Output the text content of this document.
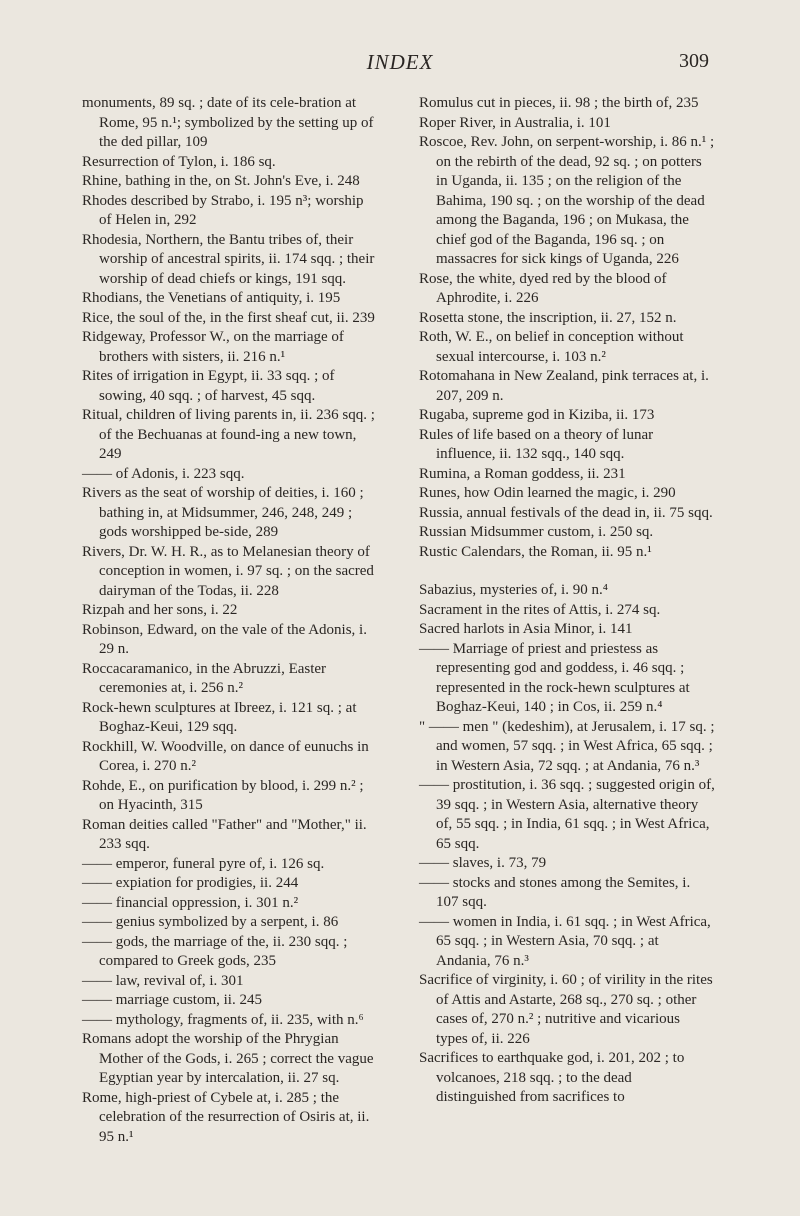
INDEX	309

monuments, 89 sq. ; date of its cele-bration at Rome, 95 n.¹; symbolized by the setting up of the ded pillar, 109

Resurrection of Tylon, i. 186 sq.

Rhine, bathing in the, on St. John's Eve, i. 248

Rhodes described by Strabo, i. 195 n³; worship of Helen in, 292

Rhodesia, Northern, the Bantu tribes of, their worship of ancestral spirits, ii. 174 sqq. ; their worship of dead chiefs or kings, 191 sqq.

Rhodians, the Venetians of antiquity, i. 195

Rice, the soul of the, in the first sheaf cut, ii. 239

Ridgeway, Professor W., on the marriage of brothers with sisters, ii. 216 n.¹

Rites of irrigation in Egypt, ii. 33 sqq. ; of sowing, 40 sqq. ; of harvest, 45 sqq.

Ritual, children of living parents in, ii. 236 sqq. ; of the Bechuanas at found-ing a new town, 249

—— of Adonis, i. 223 sqq.

Rivers as the seat of worship of deities, i. 160 ; bathing in, at Midsummer, 246, 248, 249 ; gods worshipped be-side, 289

Rivers, Dr. W. H. R., as to Melanesian theory of conception in women, i. 97 sq. ; on the sacred dairyman of the Todas, ii. 228

Rizpah and her sons, i. 22

Robinson, Edward, on the vale of the Adonis, i. 29 n.

Roccacaramanico, in the Abruzzi, Easter ceremonies at, i. 256 n.²

Rock-hewn sculptures at Ibreez, i. 121 sq. ; at Boghaz-Keui, 129 sqq.

Rockhill, W. Woodville, on dance of eunuchs in Corea, i. 270 n.²

Rohde, E., on purification by blood, i. 299 n.² ; on Hyacinth, 315

Roman deities called "Father" and "Mother," ii. 233 sqq.

—— emperor, funeral pyre of, i. 126 sq.

—— expiation for prodigies, ii. 244

—— financial oppression, i. 301 n.²

—— genius symbolized by a serpent, i. 86

—— gods, the marriage of the, ii. 230 sqq. ; compared to Greek gods, 235

—— law, revival of, i. 301

—— marriage custom, ii. 245

—— mythology, fragments of, ii. 235, with n.⁶

Romans adopt the worship of the Phrygian Mother of the Gods, i. 265 ; correct the vague Egyptian year by intercalation, ii. 27 sq.

Rome, high-priest of Cybele at, i. 285 ; the celebration of the resurrection of Osiris at, ii. 95 n.¹

Romulus cut in pieces, ii. 98 ; the birth of, 235

Roper River, in Australia, i. 101

Roscoe, Rev. John, on serpent-worship, i. 86 n.¹ ; on the rebirth of the dead, 92 sq. ; on potters in Uganda, ii. 135 ; on the religion of the Bahima, 190 sq. ; on the worship of the dead among the Baganda, 196 ; on Mukasa, the chief god of the Baganda, 196 sq. ; on massacres for sick kings of Uganda, 226

Rose, the white, dyed red by the blood of Aphrodite, i. 226

Rosetta stone, the inscription, ii. 27, 152 n.

Roth, W. E., on belief in conception without sexual intercourse, i. 103 n.²

Rotomahana in New Zealand, pink terraces at, i. 207, 209 n.

Rugaba, supreme god in Kiziba, ii. 173

Rules of life based on a theory of lunar influence, ii. 132 sqq., 140 sqq.

Rumina, a Roman goddess, ii. 231

Runes, how Odin learned the magic, i. 290

Russia, annual festivals of the dead in, ii. 75 sqq.

Russian Midsummer custom, i. 250 sq.

Rustic Calendars, the Roman, ii. 95 n.¹

Sabazius, mysteries of, i. 90 n.⁴

Sacrament in the rites of Attis, i. 274 sq.

Sacred harlots in Asia Minor, i. 141

—— Marriage of priest and priestess as representing god and goddess, i. 46 sqq. ; represented in the rock-hewn sculptures at Boghaz-Keui, 140 ; in Cos, ii. 259 n.⁴

" —— men " (kedeshim), at Jerusalem, i. 17 sq. ; and women, 57 sqq. ; in West Africa, 65 sqq. ; in Western Asia, 72 sqq. ; at Andania, 76 n.³

—— prostitution, i. 36 sqq. ; suggested origin of, 39 sqq. ; in Western Asia, alternative theory of, 55 sqq. ; in India, 61 sqq. ; in West Africa, 65 sqq.

—— slaves, i. 73, 79

—— stocks and stones among the Semites, i. 107 sqq.

—— women in India, i. 61 sqq. ; in West Africa, 65 sqq. ; in Western Asia, 70 sqq. ; at Andania, 76 n.³

Sacrifice of virginity, i. 60 ; of virility in the rites of Attis and Astarte, 268 sq., 270 sq. ; other cases of, 270 n.² ; nutritive and vicarious types of, ii. 226

Sacrifices to earthquake god, i. 201, 202 ; to volcanoes, 218 sqq. ; to the dead distinguished from sacrifices to
